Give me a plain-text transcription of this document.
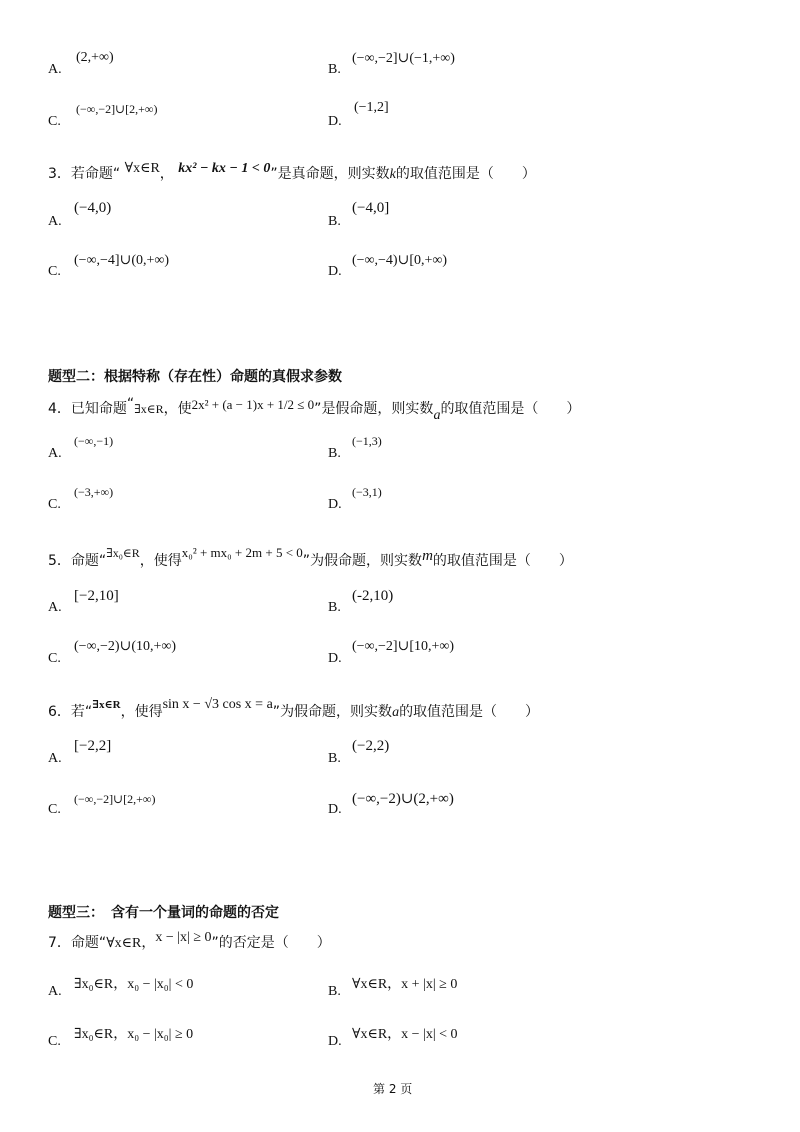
A.
(2,+∞)
B.
(−∞,−2]∪(−1,+∞)
C.
(−∞,−2]∪[2,+∞)
D.
(−1,2]
3．若命题“ ∀x∈R， kx² − kx − 1 < 0”是真命题，则实数k的取值范围是（　　）
A.
(−4,0)
B.
(−4,0]
C.
(−∞,−4]∪(0,+∞)
D.
(−∞,−4)∪[0,+∞)
题型二：根据特称（存在性）命题的真假求参数
4．已知命题“∃x∈R，使2x² + (a − 1)x + 1/2 ≤ 0”是假命题，则实数a的取值范围是（　　）
A.
(−∞,−1)
B.
(−1,3)
C.
(−3,+∞)
D.
(−3,1)
5．命题“∃x₀∈R，使得x₀² + mx₀ + 2m + 5 < 0”为假命题，则实数m的取值范围是（　　）
A.
[−2,10]
B.
(-2,10)
C.
(−∞,−2)∪(10,+∞)
D.
(−∞,−2]∪[10,+∞)
6．若“$^{\exists x\in R}$，使得sin x − √3 cos x = a”为假命题，则实数a的取值范围是（　　）
A.
[−2,2]
B.
(−2,2)
C.
(−∞,−2]∪[2,+∞)
D.
(−∞,−2)∪(2,+∞)
题型三：　含有一个量词的命题的否定
7．命题“∀x∈R，x − |x| ≥ 0”的否定是（　　）
A. ∃x₀∈R，x₀ − |x₀| < 0	B. ∀x∈R，x + |x| ≥ 0
C. ∃x₀∈R，x₀ − |x₀| ≥ 0	D. ∀x∈R，x − |x| < 0
第 2 页
